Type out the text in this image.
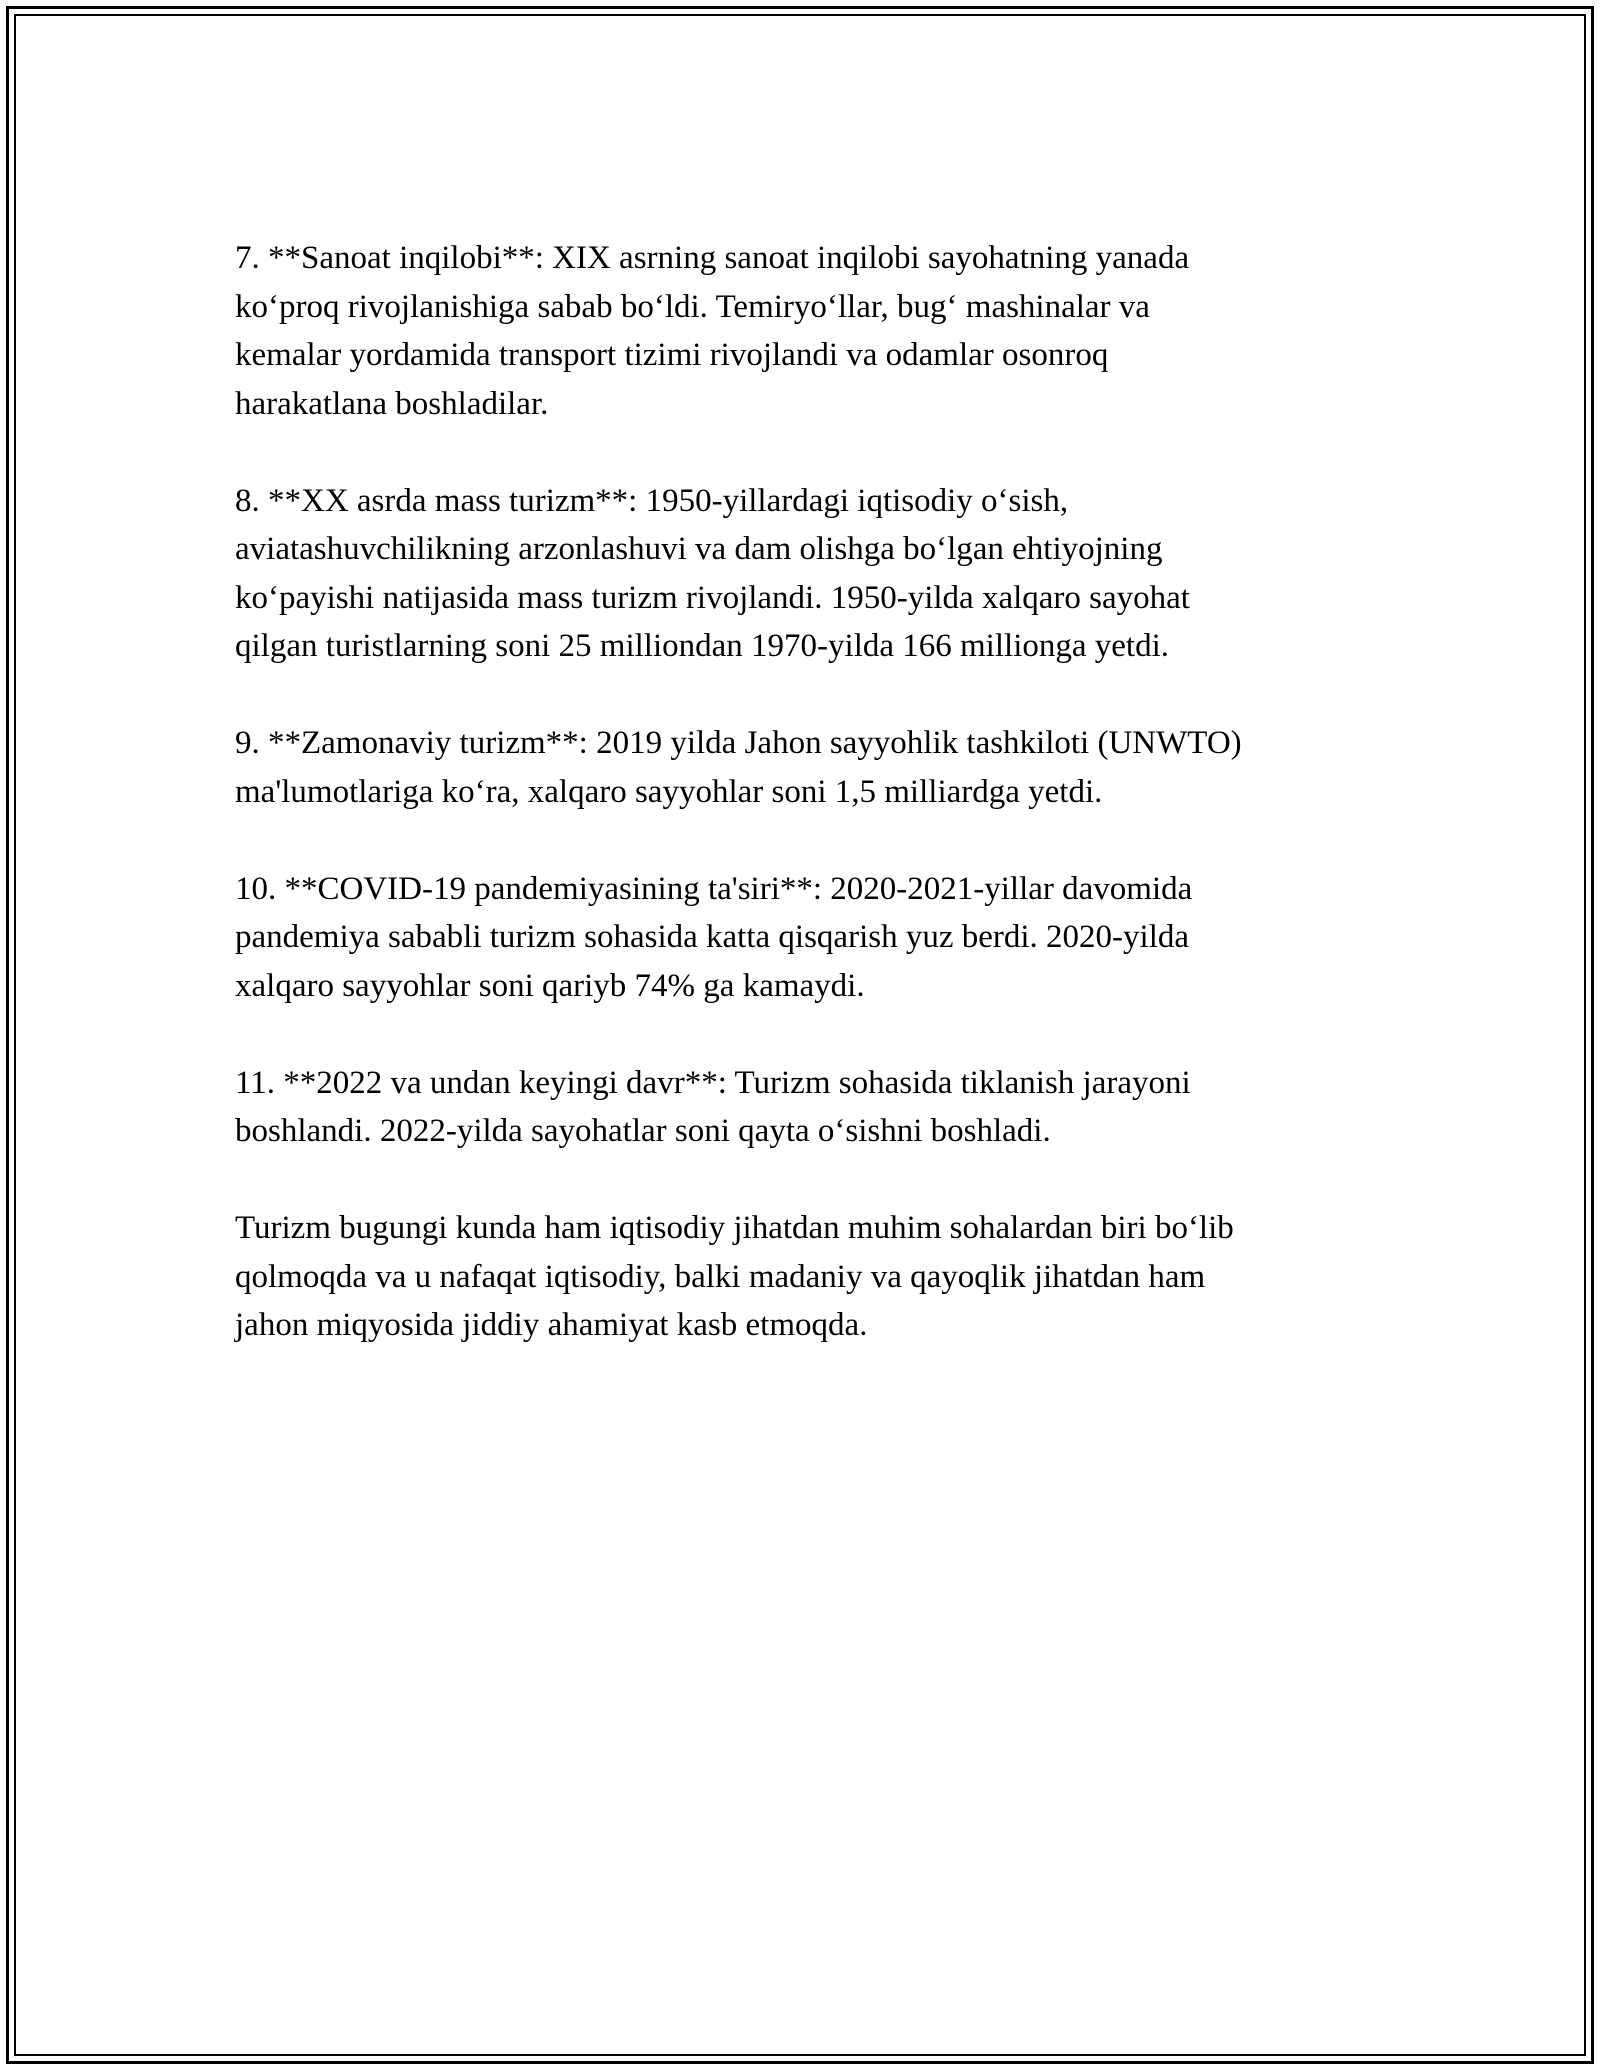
7. **Sanoat inqilobi**: XIX asrning sanoat inqilobi sayohatning yanada
ko‘proq rivojlanishiga sabab bo‘ldi. Temiryo‘llar, bug‘ mashinalar va
kemalar yordamida transport tizimi rivojlandi va odamlar osonroq
harakatlana boshladilar.

8. **XX asrda mass turizm**: 1950-yillardagi iqtisodiy o‘sish,
aviatashuvchilikning arzonlashuvi va dam olishga bo‘lgan ehtiyojning
ko‘payishi natijasida mass turizm rivojlandi. 1950-yilda xalqaro sayohat
qilgan turistlarning soni 25 milliondan 1970-yilda 166 millionga yetdi.

9. **Zamonaviy turizm**: 2019 yilda Jahon sayyohlik tashkiloti (UNWTO)
ma'lumotlariga ko‘ra, xalqaro sayyohlar soni 1,5 milliardga yetdi.

10. **COVID-19 pandemiyasining ta'siri**: 2020-2021-yillar davomida
pandemiya sababli turizm sohasida katta qisqarish yuz berdi. 2020-yilda
xalqaro sayyohlar soni qariyb 74% ga kamaydi.

11. **2022 va undan keyingi davr**: Turizm sohasida tiklanish jarayoni
boshlandi. 2022-yilda sayohatlar soni qayta o‘sishni boshladi.

Turizm bugungi kunda ham iqtisodiy jihatdan muhim sohalardan biri bo‘lib
qolmoqda va u nafaqat iqtisodiy, balki madaniy va qayoqlik jihatdan ham
jahon miqyosida jiddiy ahamiyat kasb etmoqda.
